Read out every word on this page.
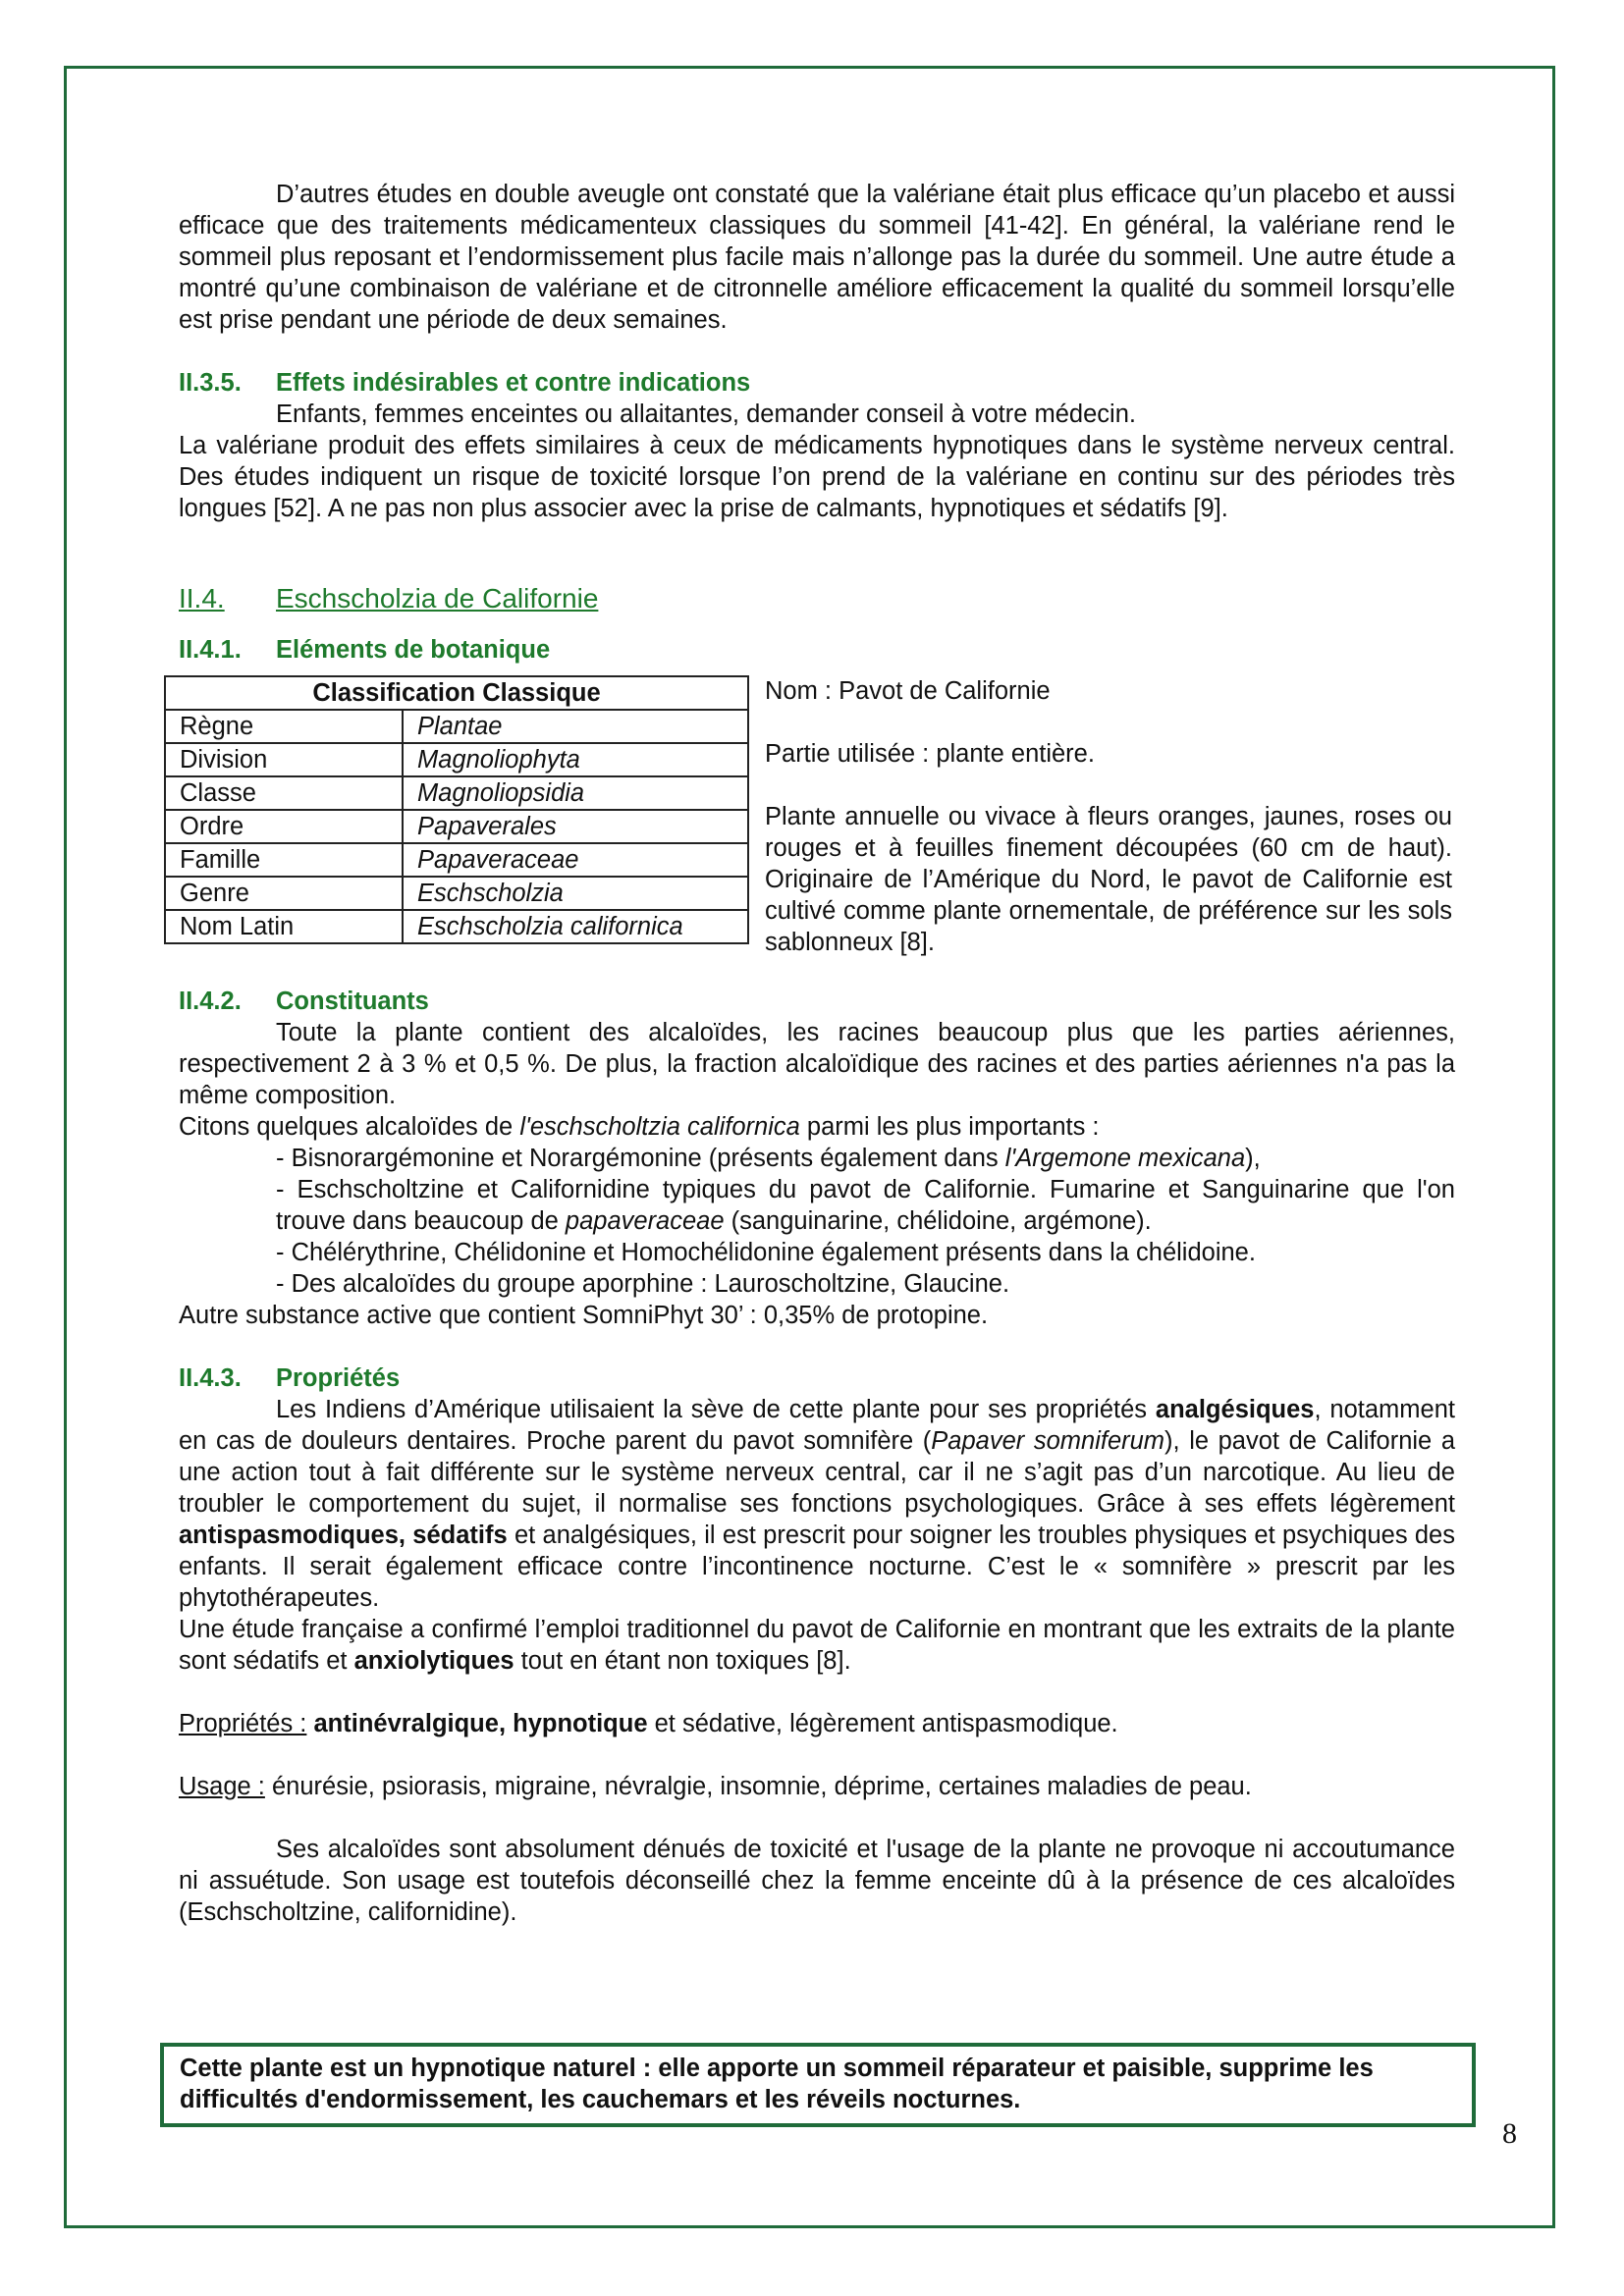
D’autres études en double aveugle ont constaté que la valériane était plus efficace qu’un placebo et aussi efficace que des traitements médicamenteux classiques du sommeil [41-42]. En général, la valériane rend le sommeil plus reposant et l’endormissement plus facile mais n’allonge pas la durée du sommeil. Une autre étude a montré qu’une combinaison de valériane et de citronnelle améliore efficacement la qualité du sommeil lorsqu’elle est prise pendant une période de deux semaines.

II.3.5.	Effets indésirables et contre indications

Enfants, femmes enceintes ou allaitantes, demander conseil à votre médecin.

La valériane produit des effets similaires à ceux de médicaments hypnotiques dans le système nerveux central. Des études indiquent un risque de toxicité lorsque l’on prend de la valériane en continu sur des périodes très longues [52]. A ne pas non plus associer avec la prise de calmants, hypnotiques et sédatifs [9].

II.4.	Eschscholzia de Californie
II.4.1.	Eléments de botanique
Classification Classique	
Règne	Plantae
Division	Magnoliophyta
Classe	Magnoliopsidia
Ordre	Papaverales
Famille	Papaveraceae
Genre	Eschscholzia
Nom Latin	Eschscholzia californica

Nom : Pavot de Californie

Partie utilisée : plante entière.

Plante annuelle ou vivace à fleurs oranges, jaunes, roses ou rouges et à feuilles finement découpées (60 cm de haut). Originaire de l’Amérique du Nord, le pavot de Californie est cultivé comme plante ornementale, de préférence sur les sols sablonneux [8].

II.4.2.	Constituants

Toute la plante contient des alcaloïdes, les racines beaucoup plus que les parties aériennes, respectivement 2 à 3 % et 0,5 %. De plus, la fraction alcaloïdique des racines et des parties aériennes n'a pas la même composition.

Citons quelques alcaloïdes de l'eschscholtzia californica parmi les plus importants :

- Bisnorargémonine et Norargémonine (présents également dans l'Argemone mexicana),

- Eschscholtzine et Californidine typiques du pavot de Californie. Fumarine et Sanguinarine que l'on trouve dans beaucoup de papaveraceae (sanguinarine, chélidoine, argémone).

- Chélérythrine, Chélidonine et Homochélidonine également présents dans la chélidoine.

- Des alcaloïdes du groupe aporphine : Lauroscholtzine, Glaucine.

Autre substance active que contient SomniPhyt 30’ : 0,35% de protopine.

II.4.3.	Propriétés

Les Indiens d’Amérique utilisaient la sève de cette plante pour ses propriétés analgésiques, notamment en cas de douleurs dentaires. Proche parent du pavot somnifère (Papaver somniferum), le pavot de Californie a une action tout à fait différente sur le système nerveux central, car il ne s’agit pas d’un narcotique. Au lieu de troubler le comportement du sujet, il normalise ses fonctions psychologiques. Grâce à ses effets légèrement antispasmodiques, sédatifs et analgésiques, il est prescrit pour soigner les troubles physiques et psychiques des enfants. Il serait également efficace contre l’incontinence nocturne. C’est le « somnifère » prescrit par les phytothérapeutes.

Une étude française a confirmé l’emploi traditionnel du pavot de Californie en montrant que les extraits de la plante sont sédatifs et anxiolytiques tout en étant non toxiques [8].

Propriétés : antinévralgique, hypnotique et sédative, légèrement antispasmodique.

Usage : énurésie, psiorasis, migraine, névralgie, insomnie, déprime, certaines maladies de peau.

Ses alcaloïdes sont absolument dénués de toxicité et l'usage de la plante ne provoque ni accoutumance ni assuétude. Son usage est toutefois déconseillé chez la femme enceinte dû à la présence de ces alcaloïdes (Eschscholtzine, californidine).

Cette plante est un hypnotique naturel : elle apporte un sommeil réparateur et paisible, supprime les difficultés d'endormissement, les cauchemars et les réveils nocturnes.
8
